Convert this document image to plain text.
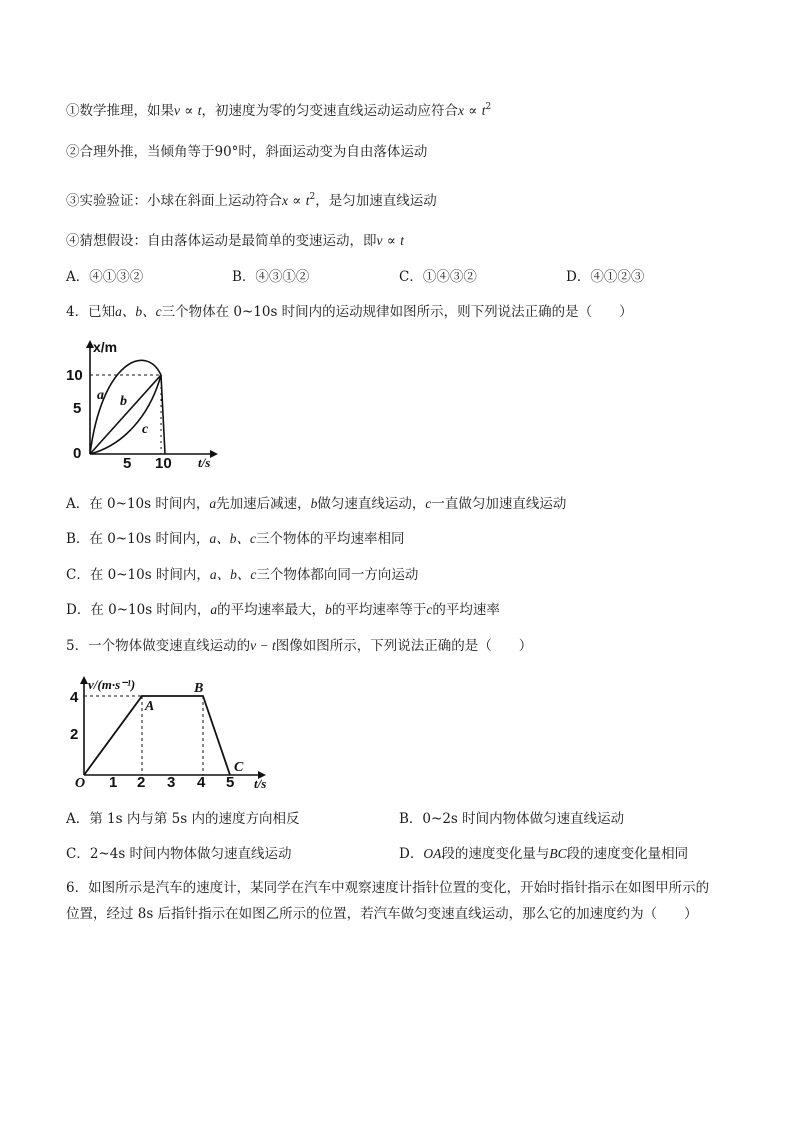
①数学推理，如果v ∝ t，初速度为零的匀变速直线运动运动应符合$x \propto t^2$
②合理外推，当倾角等于90°时，斜面运动变为自由落体运动
③实验验证：小球在斜面上运动符合$x \propto t^2$，是匀加速直线运动
④猜想假设：自由落体运动是最简单的变速运动，即v ∝ t
A．④①③②	B．④③①②	C．①④③②	D．④①②③
4．已知a、b、c三个物体在 0~10s 时间内的运动规律如图所示，则下列说法正确的是（　　）
x/m
t/s
10
5
0
5 10
a b
c
A．在 0~10s 时间内，a先加速后减速，b做匀速直线运动，c一直做匀加速直线运动
B．在 0~10s 时间内，a、b、c三个物体的平均速率相同
C．在 0~10s 时间内，a、b、c三个物体都向同一方向运动
D．在 0~10s 时间内，a的平均速率最大，b的平均速率等于c的平均速率
5．一个物体做变速直线运动的v − t图像如图所示，下列说法正确的是（　　）
v/(m·s⁻¹)
t/s
4
2
1 2 3 4 5
O
A
B
C
A．第 1s 内与第 5s 内的速度方向相反	B．0~2s 时间内物体做匀速直线运动
C．2~4s 时间内物体做匀速直线运动	D．OA段的速度变化量与BC段的速度变化量相同
6．如图所示是汽车的速度计，某同学在汽车中观察速度计指针位置的变化，开始时指针指示在如图甲所示的
位置，经过 8s 后指针指示在如图乙所示的位置，若汽车做匀变速直线运动，那么它的加速度约为（　　）
